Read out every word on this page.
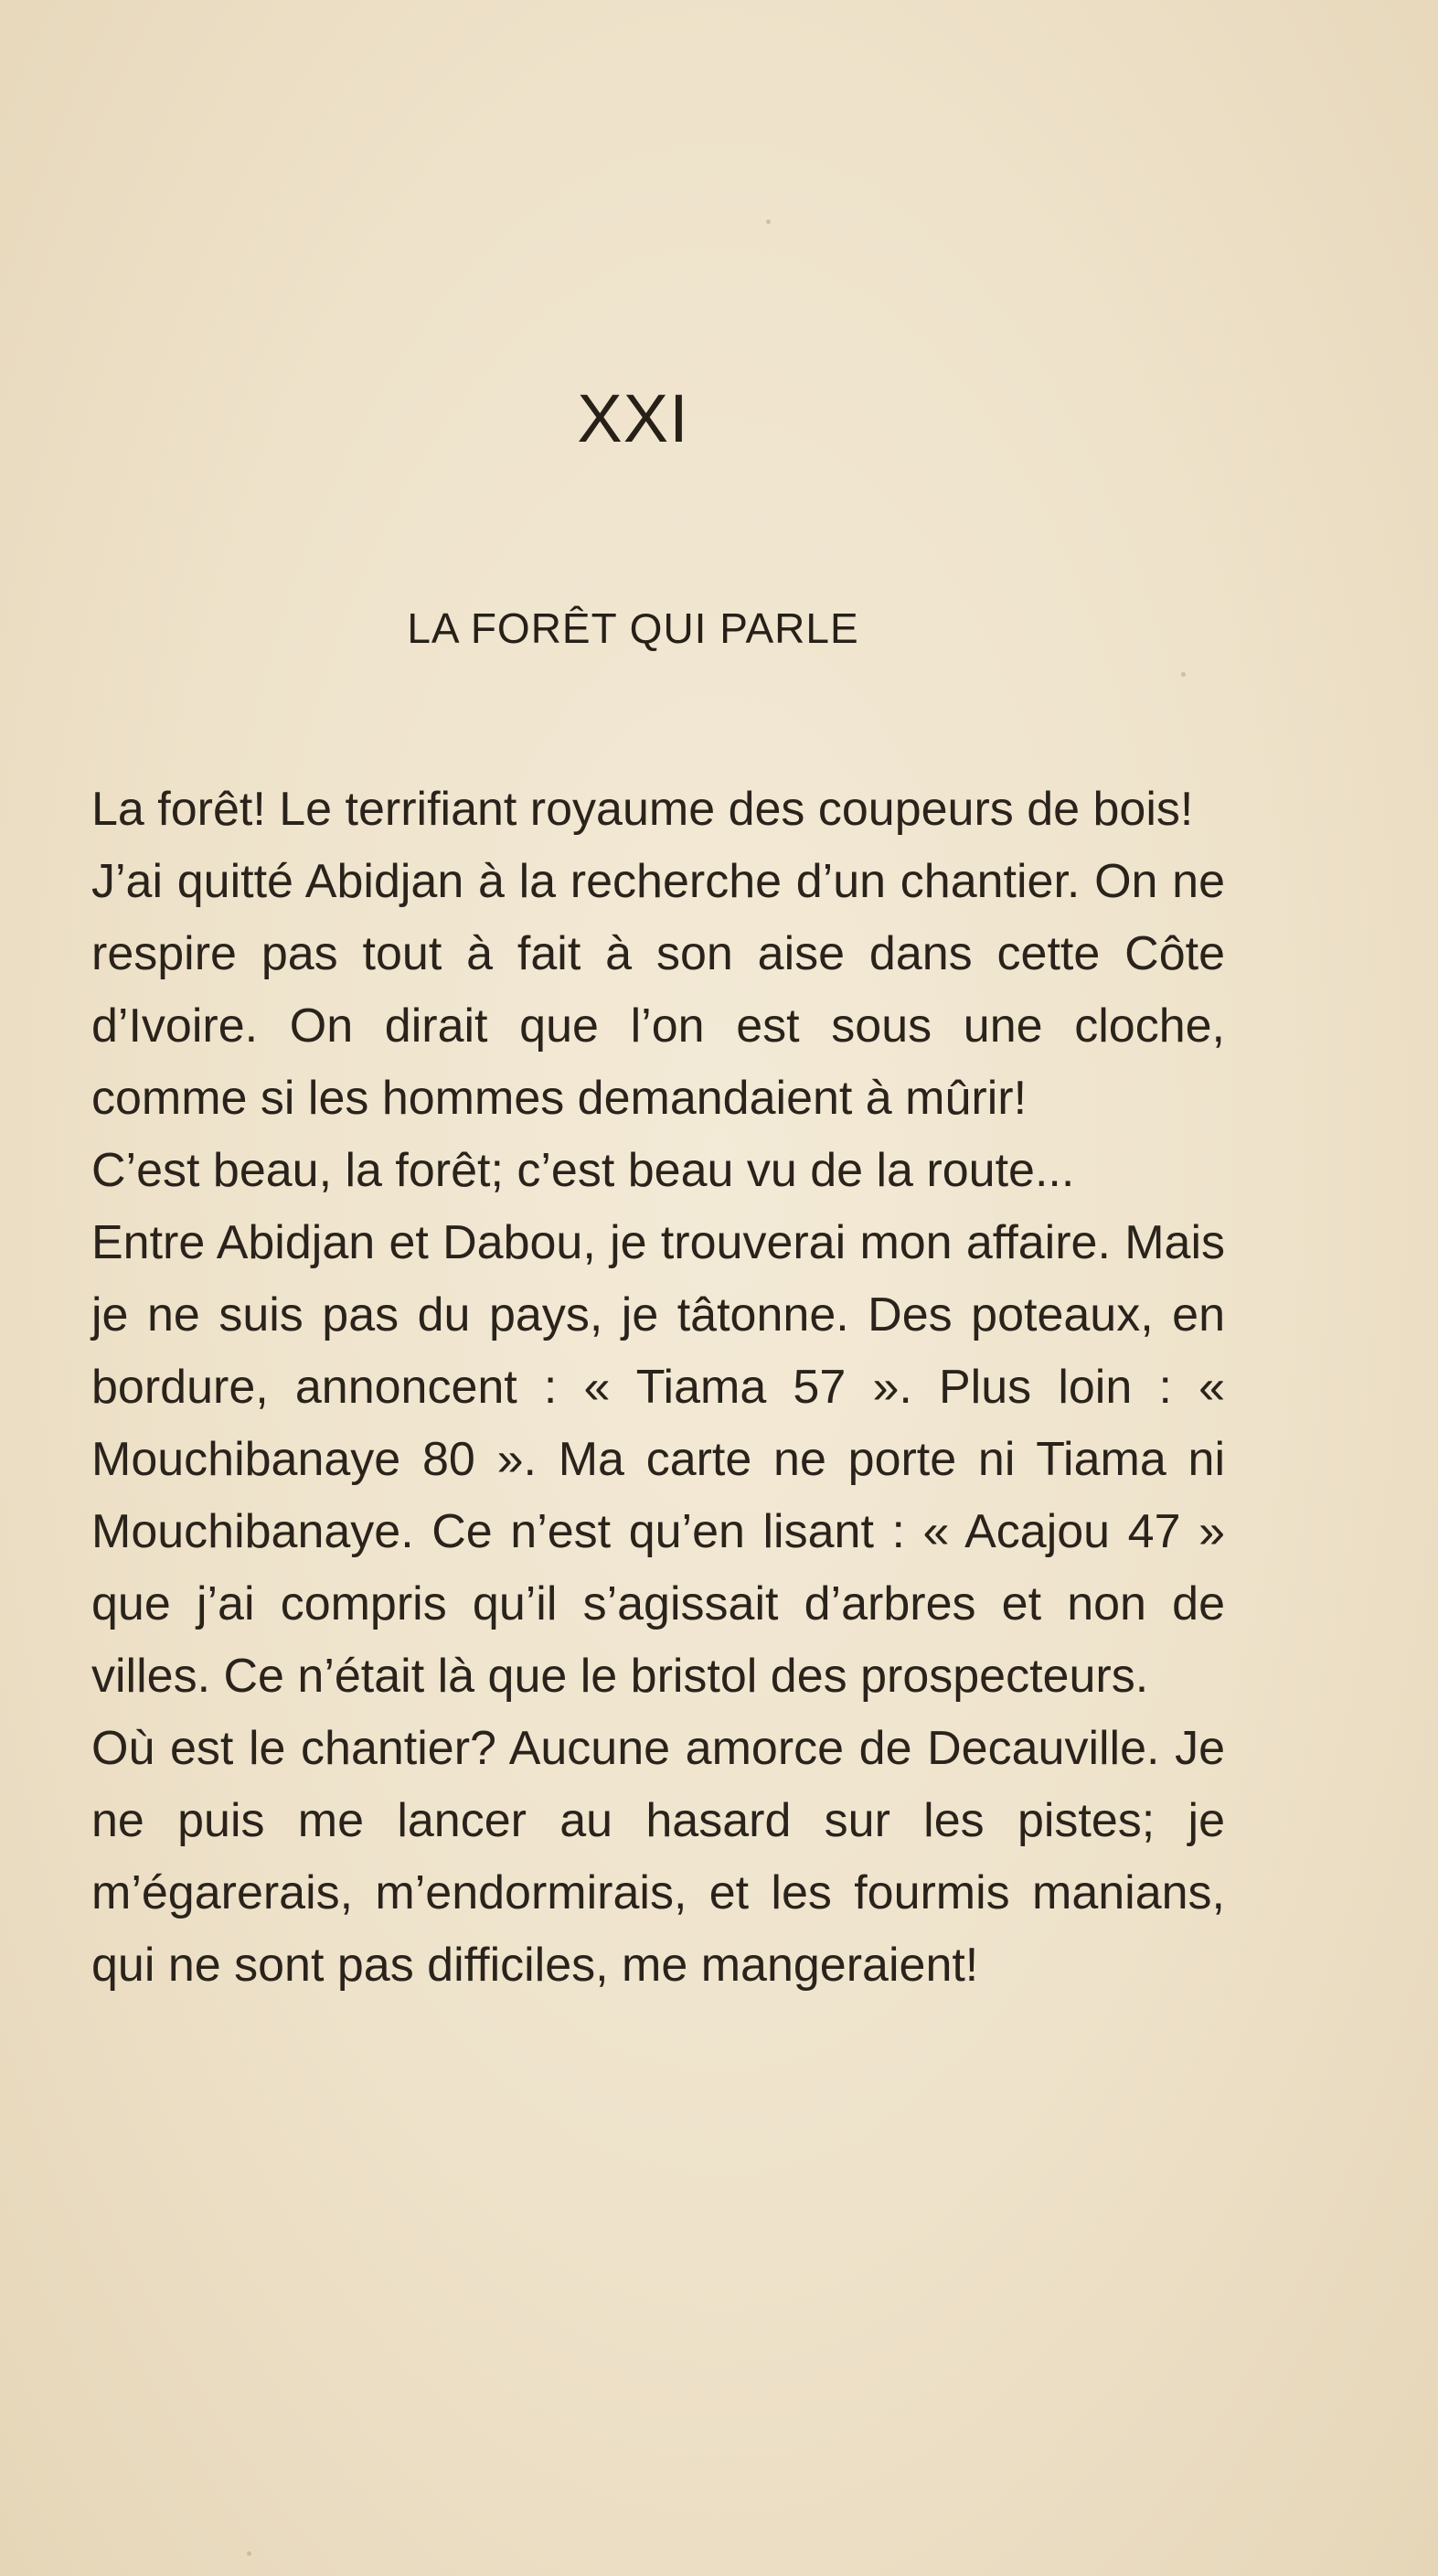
XXI
LA FORÊT QUI PARLE

La forêt! Le terrifiant royaume des coupeurs de bois!

J’ai quitté Abidjan à la recherche d’un chantier. On ne respire pas tout à fait à son aise dans cette Côte d’Ivoire. On dirait que l’on est sous une cloche, comme si les hommes demandaient à mûrir!

C’est beau, la forêt; c’est beau vu de la route...

Entre Abidjan et Dabou, je trouverai mon affaire. Mais je ne suis pas du pays, je tâtonne. Des poteaux, en bordure, annoncent : « Tiama 57 ». Plus loin : « Mouchibanaye 80 ». Ma carte ne porte ni Tiama ni Mouchibanaye. Ce n’est qu’en lisant : « Acajou 47 » que j’ai compris qu’il s’agissait d’arbres et non de villes. Ce n’était là que le bristol des prospecteurs.

Où est le chantier? Aucune amorce de Decauville. Je ne puis me lancer au hasard sur les pistes; je m’égarerais, m’endormirais, et les fourmis manians, qui ne sont pas difficiles, me mangeraient!
